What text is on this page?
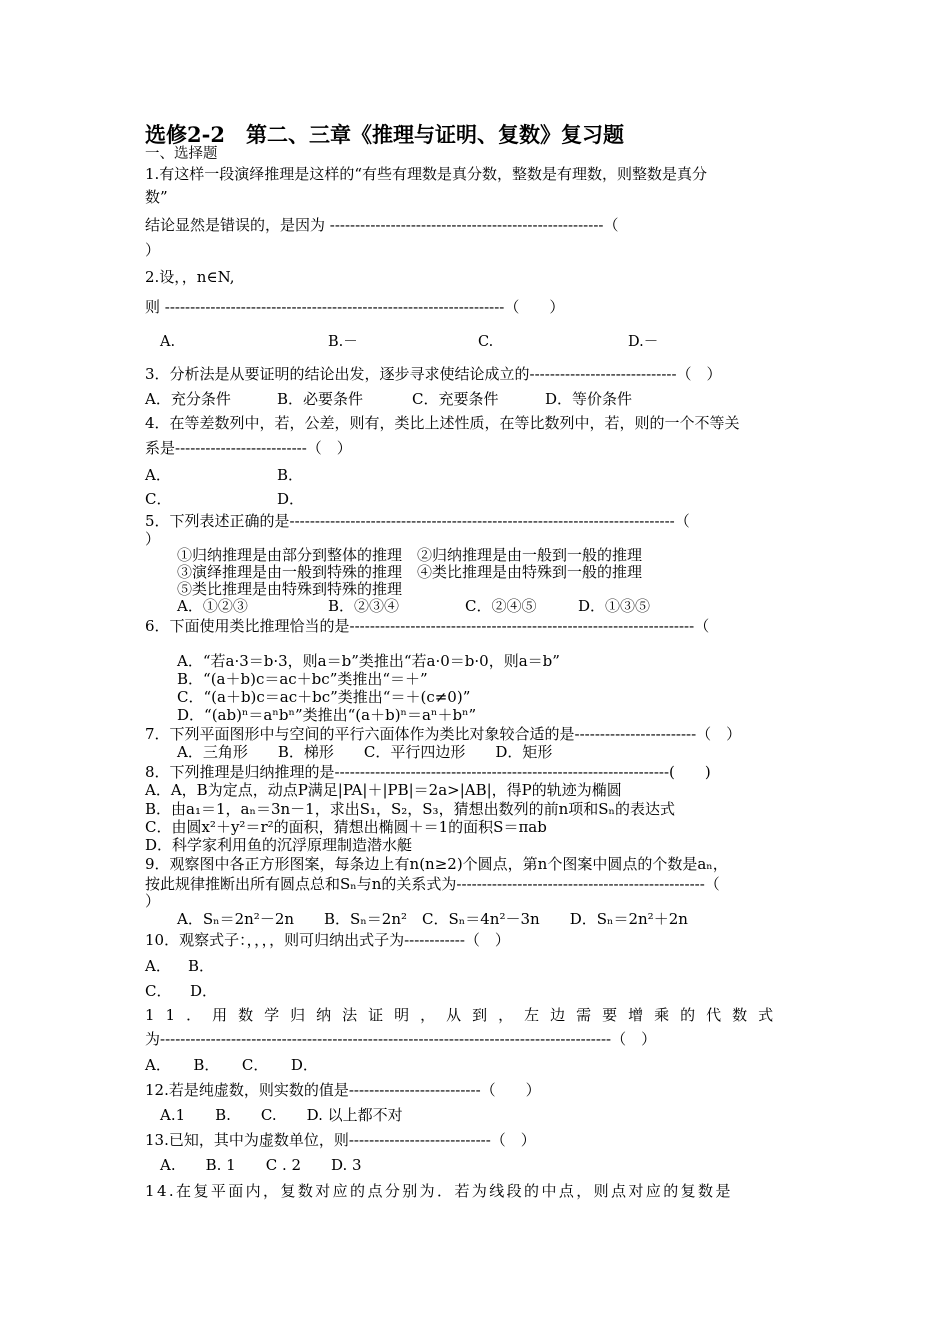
选修2-2　第二、三章《推理与证明、复数》复习题
一、选择题
1.有这样一段演绎推理是这样的“有些有理数是真分数，整数是有理数，则整数是真分
数”
结论显然是错误的，是因为 ------------------------------------------------------（
）
2.设，，n∈N,
则 -------------------------------------------------------------------（　　）
A.	B.－	C.	D.－
3．分析法是从要证明的结论出发，逐步寻求使结论成立的-----------------------------（　）
A．充分条件	B．必要条件	C．充要条件	D．等价条件
4．在等差数列中，若，公差，则有，类比上述性质，在等比数列中，若，则的一个不等关
系是--------------------------（　）
A．	B．
C．	D．
5．下列表述正确的是----------------------------------------------------------------------------（
）
①归纳推理是由部分到整体的推理　②归纳推理是由一般到一般的推理
③演绎推理是由一般到特殊的推理　④类比推理是由特殊到一般的推理
⑤类比推理是由特殊到特殊的推理
A．①②③	B．②③④	C．②④⑤	D．①③⑤
6．下面使用类比推理恰当的是--------------------------------------------------------------------（
A．“若a·3＝b·3，则a＝b”类推出“若a·0＝b·0，则a＝b”
B．“(a＋b)c＝ac＋bc”类推出“＝＋”
C．“(a＋b)c＝ac＋bc”类推出“＝＋(c≠0)”
D．“(ab)ⁿ＝aⁿbⁿ”类推出“(a＋b)ⁿ＝aⁿ＋bⁿ”
7．下列平面图形中与空间的平行六面体作为类比对象较合适的是------------------------（　）
A．三角形　　B．梯形　　C．平行四边形　　D．矩形
8．下列推理是归纳推理的是------------------------------------------------------------------(　　)
A．A，B为定点，动点P满足|PA|＋|PB|＝2a>|AB|，得P的轨迹为椭圆
B．由a₁＝1，aₙ＝3n－1，求出S₁，S₂，S₃，猜想出数列的前n项和Sₙ的表达式
C．由圆x²＋y²＝r²的面积，猜想出椭圆＋＝1的面积S＝πab
D．科学家利用鱼的沉浮原理制造潜水艇
9．观察图中各正方形图案，每条边上有n(n≥2)个圆点，第n个图案中圆点的个数是aₙ，
按此规律推断出所有圆点总和Sₙ与n的关系式为-------------------------------------------------（
）
A．Sₙ＝2n²－2n　　B．Sₙ＝2n²　C．Sₙ＝4n²－3n　　D．Sₙ＝2n²＋2n
10．观察式子：，，，，则可归纳出式子为------------（　）
A． B．
C． D．
11．用数学归纳法证明，从到，左边需要增乘的代数式
为-----------------------------------------------------------------------------------------（　）
A．　　B．　　C．　　D．
12.若是纯虚数，则实数的值是--------------------------（　　）
A.1　　B.　　C.　　D. 以上都不对
13.已知，其中为虚数单位，则----------------------------（　）
A.　　B. 1　　C . 2　　D. 3
14.在复平面内，复数对应的点分别为．若为线段的中点，则点对应的复数是
